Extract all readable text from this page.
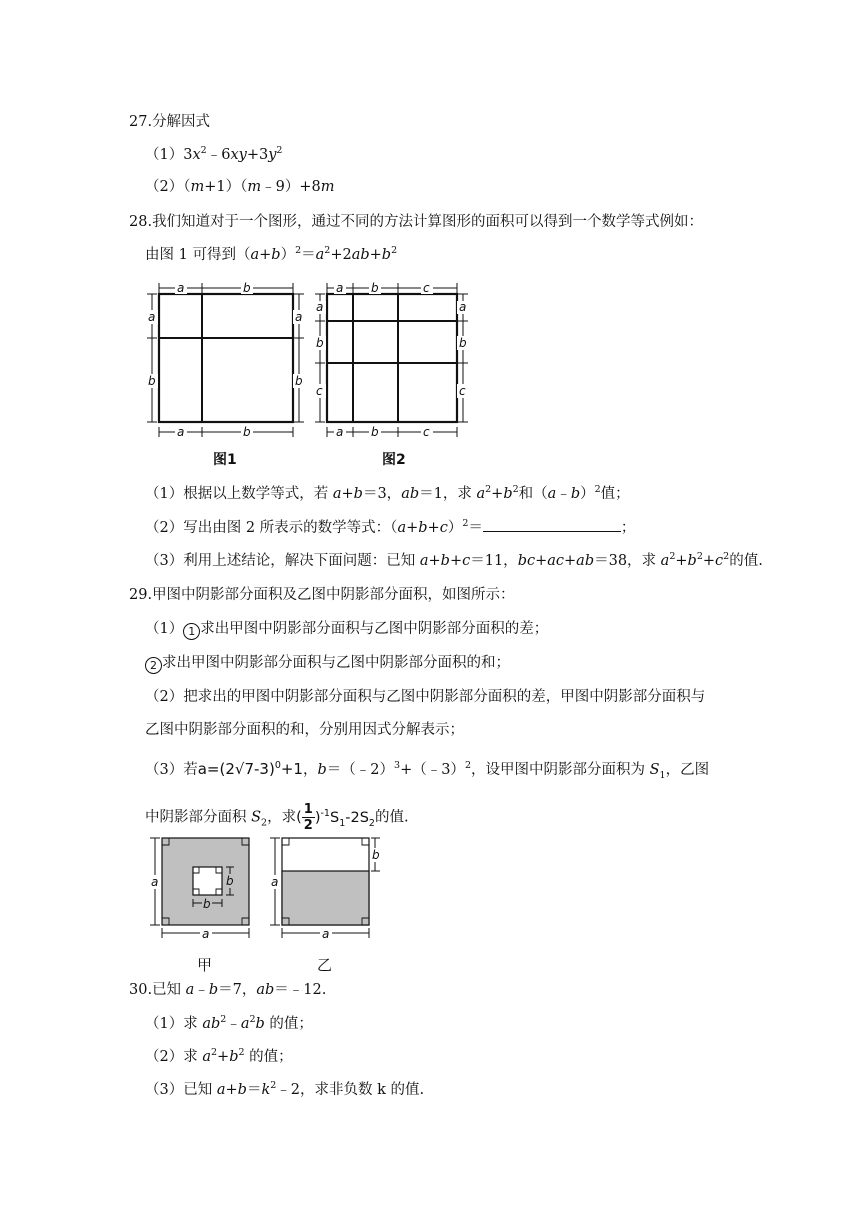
27.分解因式
$(1)3x^2﹣6xy+3y^2$
（2）（m+1）（m﹣9）+8m
28.我们知道对于一个图形，通过不同的方法计算图形的面积可以得到一个数学等式例如：
由图 1 可得到$(a+b)^2=a^2+2ab+b^2$
a	b
a	b
a
b
a
b
图1
a b	c
a b	c
a
b
c
a
b
c
图2
（1）根据以上数学等式，若 a+b＝3，ab＝1，求 $a^2+b^2$和（a﹣b）$^2$值；
（2）写出由图 2 所表示的数学等式：$(a+b+c)^2=$	；
（3）利用上述结论，解决下面问题：已知 a+b+c＝11，bc+ac+ab＝38，求 $a^2+b^2+c^2$的值.
29.甲图中阴影部分面积及乙图中阴影部分面积，如图所示：
（1） 1 求出甲图中阴影部分面积与乙图中阴影部分面积的差；
2 求出甲图中阴影部分面积与乙图中阴影部分面积的和；
（2）把求出的甲图中阴影部分面积与乙图中阴影部分面积的差，甲图中阴影部分面积与
乙图中阴影部分面积的和，分别用因式分解表示；
（3）若$a=(2√7-3)^0+1$，b＝（﹣2）$^3$+（﹣3）$^2$，设甲图中阴影部分面积为 $S_1$，乙图
中阴影部分面积 $S_2$，求( $\frac{1}{2} )^{-1}S_1-2S_2$的值.
a
a
b
b
甲
a
a
b
乙
30.已知 a﹣b＝7，ab＝﹣12.
（1）求 $ab^2﹣a^2b$ 的值；
（2）求 $a^2+b^2$ 的值；
（3）已知 $a+b=k^2﹣2$，求非负数 k 的值.
